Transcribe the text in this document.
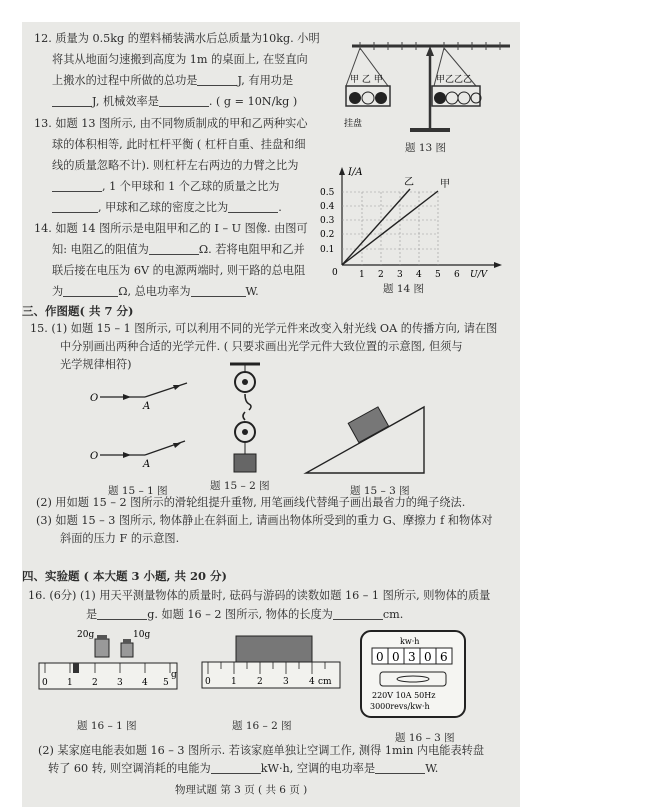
12. 质量为 0.5kg 的塑料桶装满水后总质量为10kg. 小明
将其从地面匀速搬到高度为 1m 的桌面上, 在竖直向
上搬水的过程中所做的总功是	J, 有用功是
J, 机械效率是	. ( g = 10N/kg )
13. 如题 13 图所示, 由不同物质制成的甲和乙两种实心
球的体积相等, 此时杠杆平衡 ( 杠杆自重、挂盘和细
线的质量忽略不计). 则杠杆左右两边的力臂之比为
, 1 个甲球和 1 个乙球的质量之比为
, 甲球和乙球的密度之比为	.
14. 如题 14 图所示是电阻甲和乙的 I – U 图像. 由图可
知: 电阻乙的阻值为	Ω. 若将电阻甲和乙并
联后接在电压为 6V 的电源两端时, 则干路的总电阻
为	Ω, 总电功率为	W.
甲 乙 甲	甲乙乙乙
挂盘
题 13 图
乙	甲
0.5
0.4
0.3
0.2
0.1
I/A
0 1 2 3 4 5 6 U/V
题 14 图
三、作图题( 共 7 分)
15. (1) 如题 15 – 1 图所示, 可以利用不同的光学元件来改变入射光线 OA 的传播方向, 请在图
中分别画出两种合适的光学元件. ( 只要求画出光学元件大致位置的示意图, 但须与
光学规律相符)
O
A
O
A
题 15 – 1 图	题 15 – 2 图	题 15 – 3 图
(2) 用如题 15 – 2 图所示的滑轮组提升重物, 用笔画线代替绳子画出最省力的绳子绕法.
(3) 如题 15 – 3 图所示, 物体静止在斜面上, 请画出物体所受到的重力 G、摩擦力 f 和物体对
斜面的压力 F 的示意图.
四、实验题 ( 本大题 3 小题, 共 20 分)
16. (6分) (1) 用天平测量物体的质量时, 砝码与游码的读数如题 16 – 1 图所示, 则物体的质量
是	g. 如题 16 – 2 图所示, 物体的长度为	cm.
20g	10g
0 1 2 3 4 5
g
题 16 – 1 图
0 1 2 3 4 cm
题 16 – 2 图
kw·h
0 0 3 0 6
220V 10A 50Hz
3000revs/kw·h
题 16 – 3 图
(2) 某家庭电能表如题 16 – 3 图所示. 若该家庭单独让空调工作, 测得 1min 内电能表转盘
转了 60 转, 则空调消耗的电能为	kW·h, 空调的电功率是	W.
物理试题 第 3 页 ( 共 6 页 )
